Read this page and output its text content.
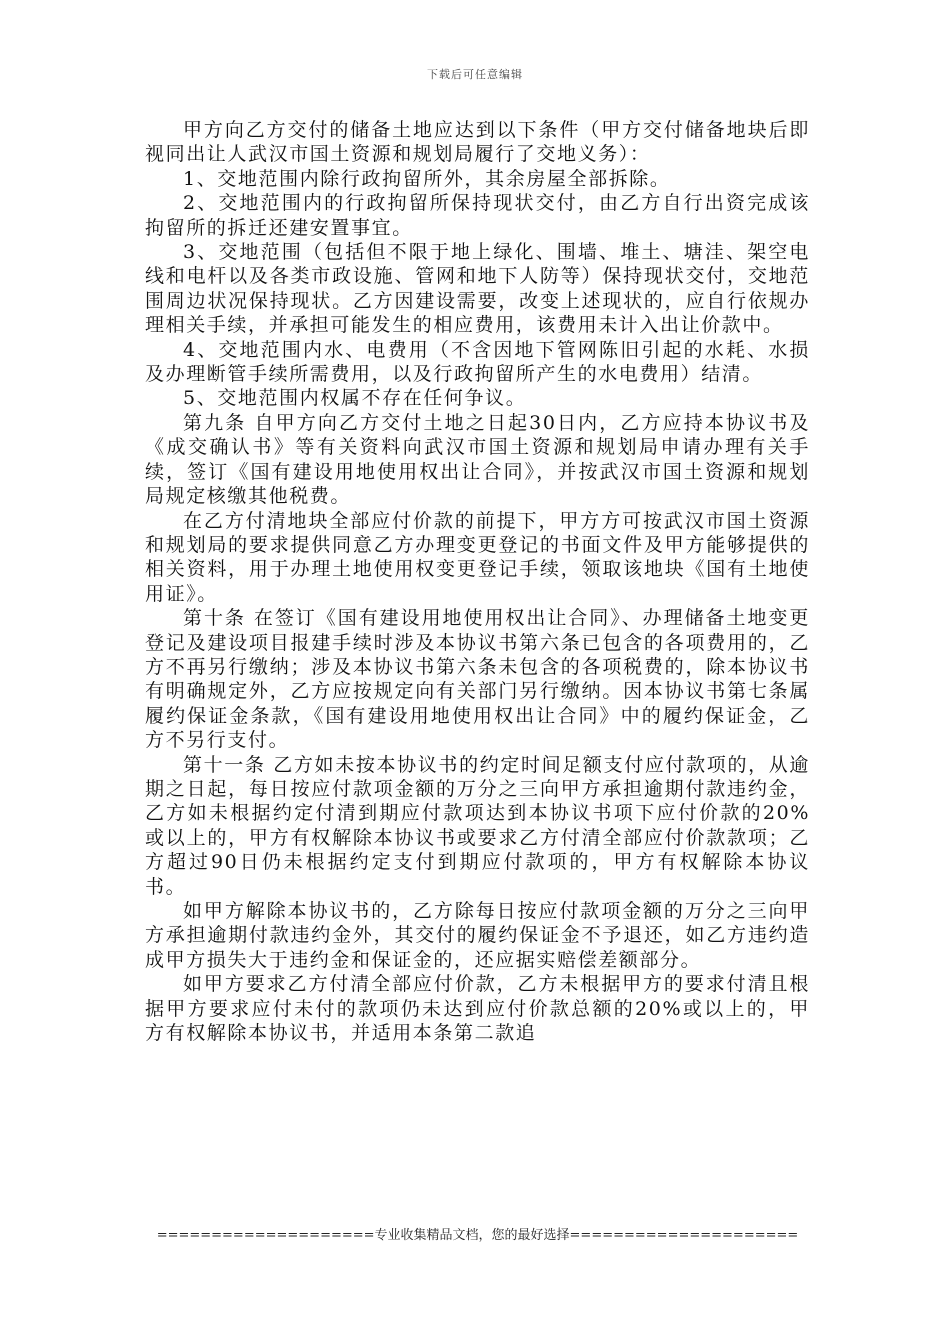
下载后可任意编辑

甲方向乙方交付的储备土地应达到以下条件（甲方交付储备地块后即视同出让人武汉市国土资源和规划局履行了交地义务）：

1、交地范围内除行政拘留所外，其余房屋全部拆除。

2、交地范围内的行政拘留所保持现状交付，由乙方自行出资完成该拘留所的拆迁还建安置事宜。

3、交地范围（包括但不限于地上绿化、围墙、堆土、塘洼、架空电线和电杆以及各类市政设施、管网和地下人防等）保持现状交付，交地范围周边状况保持现状。乙方因建设需要，改变上述现状的，应自行依规办理相关手续，并承担可能发生的相应费用，该费用未计入出让价款中。

4、交地范围内水、电费用（不含因地下管网陈旧引起的水耗、水损及办理断管手续所需费用，以及行政拘留所产生的水电费用）结清。

5、交地范围内权属不存在任何争议。

第九条 自甲方向乙方交付土地之日起30日内，乙方应持本协议书及《成交确认书》等有关资料向武汉市国土资源和规划局申请办理有关手续，签订《国有建设用地使用权出让合同》，并按武汉市国土资源和规划局规定核缴其他税费。

在乙方付清地块全部应付价款的前提下，甲方方可按武汉市国土资源和规划局的要求提供同意乙方办理变更登记的书面文件及甲方能够提供的相关资料，用于办理土地使用权变更登记手续，领取该地块《国有土地使用证》。

第十条 在签订《国有建设用地使用权出让合同》、办理储备土地变更登记及建设项目报建手续时涉及本协议书第六条已包含的各项费用的，乙方不再另行缴纳；涉及本协议书第六条未包含的各项税费的，除本协议书有明确规定外，乙方应按规定向有关部门另行缴纳。因本协议书第七条属履约保证金条款，《国有建设用地使用权出让合同》中的履约保证金，乙方不另行支付。

第十一条 乙方如未按本协议书的约定时间足额支付应付款项的，从逾期之日起，每日按应付款项金额的万分之三向甲方承担逾期付款违约金，乙方如未根据约定付清到期应付款项达到本协议书项下应付价款的20%或以上的，甲方有权解除本协议书或要求乙方付清全部应付价款款项；乙方超过90日仍未根据约定支付到期应付款项的，甲方有权解除本协议书。

如甲方解除本协议书的，乙方除每日按应付款项金额的万分之三向甲方承担逾期付款违约金外，其交付的履约保证金不予退还，如乙方违约造成甲方损失大于违约金和保证金的，还应据实赔偿差额部分。

如甲方要求乙方付清全部应付价款，乙方未根据甲方的要求付清且根据甲方要求应付未付的款项仍未达到应付价款总额的20%或以上的，甲方有权解除本协议书，并适用本条第二款追

====================专业收集精品文档，您的最好选择=====================
